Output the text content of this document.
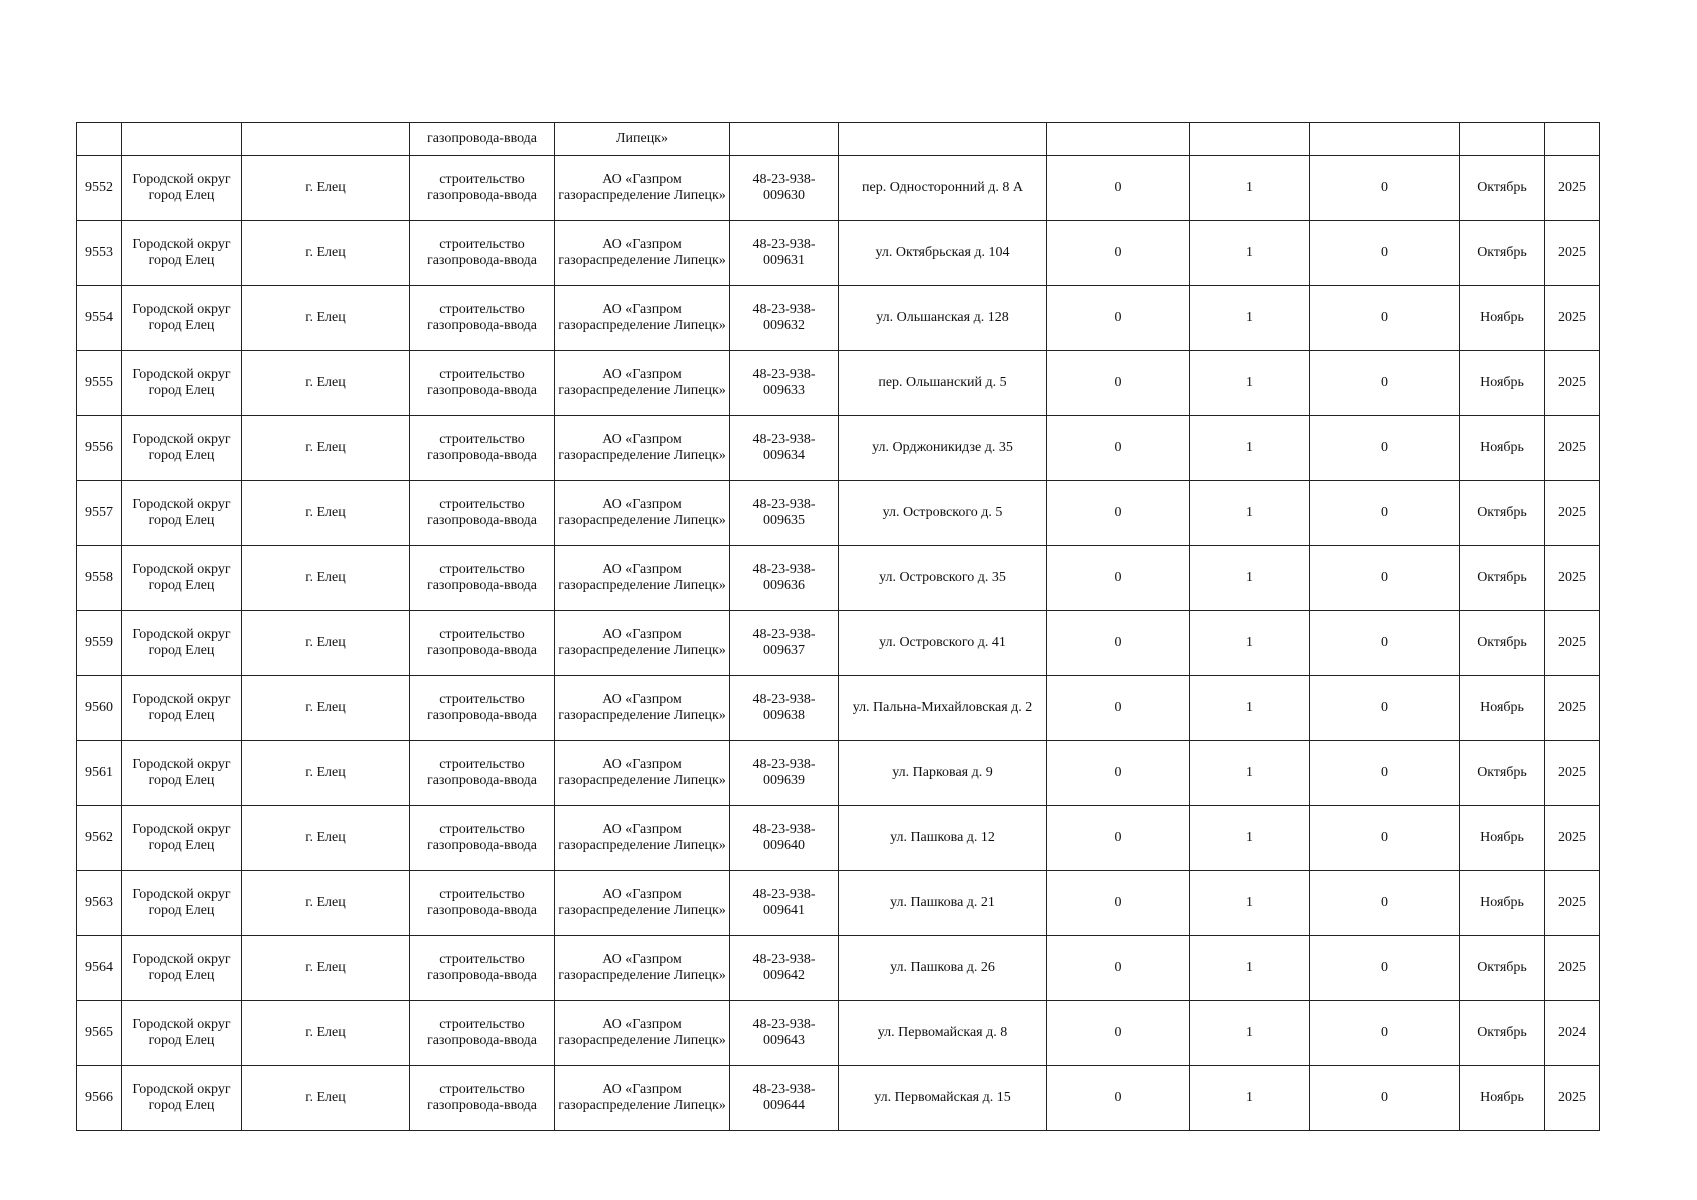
			газопровода-ввода	Липецк»							
9552	Городской округ город Елец	г. Елец	строительство газопровода-ввода	АО «Газпром газораспределение Липецк»	48-23-938-009630	пер. Односторонний д. 8 А	0	1	0	Октябрь	2025
9553	Городской округ город Елец	г. Елец	строительство газопровода-ввода	АО «Газпром газораспределение Липецк»	48-23-938-009631	ул. Октябрьская д. 104	0	1	0	Октябрь	2025
9554	Городской округ город Елец	г. Елец	строительство газопровода-ввода	АО «Газпром газораспределение Липецк»	48-23-938-009632	ул. Ольшанская д. 128	0	1	0	Ноябрь	2025
9555	Городской округ город Елец	г. Елец	строительство газопровода-ввода	АО «Газпром газораспределение Липецк»	48-23-938-009633	пер. Ольшанский д. 5	0	1	0	Ноябрь	2025
9556	Городской округ город Елец	г. Елец	строительство газопровода-ввода	АО «Газпром газораспределение Липецк»	48-23-938-009634	ул. Орджоникидзе д. 35	0	1	0	Ноябрь	2025
9557	Городской округ город Елец	г. Елец	строительство газопровода-ввода	АО «Газпром газораспределение Липецк»	48-23-938-009635	ул. Островского д. 5	0	1	0	Октябрь	2025
9558	Городской округ город Елец	г. Елец	строительство газопровода-ввода	АО «Газпром газораспределение Липецк»	48-23-938-009636	ул. Островского д. 35	0	1	0	Октябрь	2025
9559	Городской округ город Елец	г. Елец	строительство газопровода-ввода	АО «Газпром газораспределение Липецк»	48-23-938-009637	ул. Островского д. 41	0	1	0	Октябрь	2025
9560	Городской округ город Елец	г. Елец	строительство газопровода-ввода	АО «Газпром газораспределение Липецк»	48-23-938-009638	ул. Пальна-Михайловская д. 2	0	1	0	Ноябрь	2025
9561	Городской округ город Елец	г. Елец	строительство газопровода-ввода	АО «Газпром газораспределение Липецк»	48-23-938-009639	ул. Парковая д. 9	0	1	0	Октябрь	2025
9562	Городской округ город Елец	г. Елец	строительство газопровода-ввода	АО «Газпром газораспределение Липецк»	48-23-938-009640	ул. Пашкова д. 12	0	1	0	Ноябрь	2025
9563	Городской округ город Елец	г. Елец	строительство газопровода-ввода	АО «Газпром газораспределение Липецк»	48-23-938-009641	ул. Пашкова д. 21	0	1	0	Ноябрь	2025
9564	Городской округ город Елец	г. Елец	строительство газопровода-ввода	АО «Газпром газораспределение Липецк»	48-23-938-009642	ул. Пашкова д. 26	0	1	0	Октябрь	2025
9565	Городской округ город Елец	г. Елец	строительство газопровода-ввода	АО «Газпром газораспределение Липецк»	48-23-938-009643	ул. Первомайская д. 8	0	1	0	Октябрь	2024
9566	Городской округ город Елец	г. Елец	строительство газопровода-ввода	АО «Газпром газораспределение Липецк»	48-23-938-009644	ул. Первомайская д. 15	0	1	0	Ноябрь	2025
